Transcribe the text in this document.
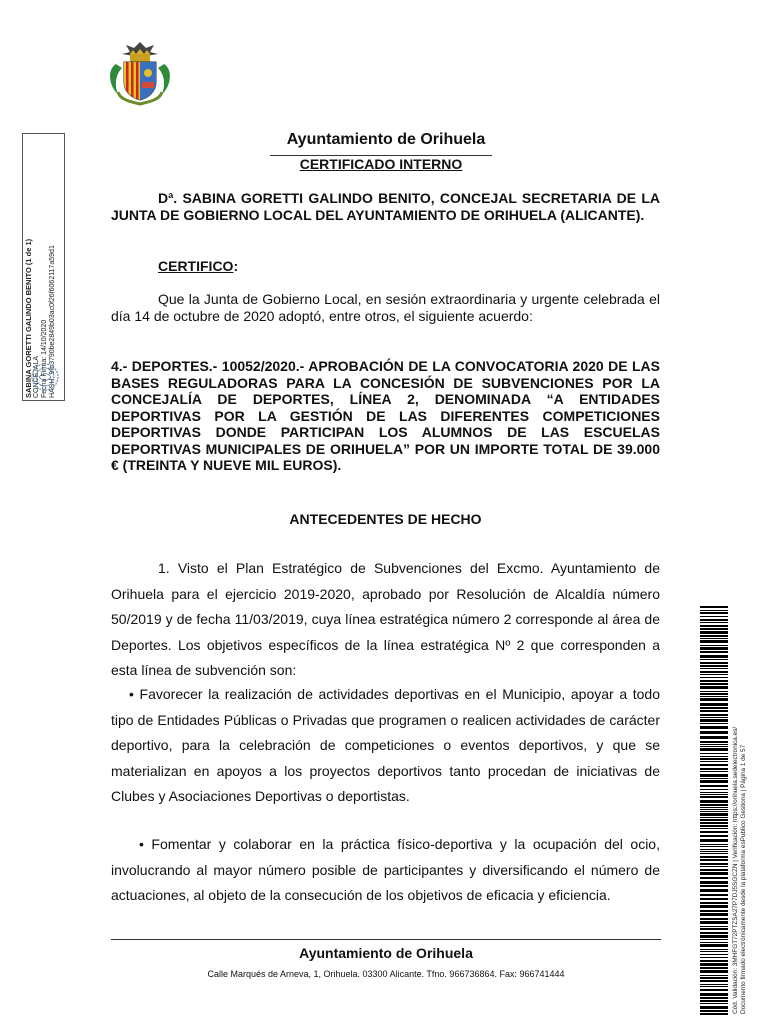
SABINA GORETTI GALINDO BENITO (1 de 1) CONCEJALA Fecha Firma: 14/10/2020 HASH: 9fb3790be2849b03ac0f26f6062117a59d1
Ayuntamiento de Orihuela
CERTIFICADO INTERNO
Dª. SABINA GORETTI GALINDO BENITO, CONCEJAL SECRETARIA DE LA JUNTA DE GOBIERNO LOCAL DEL AYUNTAMIENTO DE ORIHUELA (ALICANTE).
CERTIFICO:
Que la Junta de Gobierno Local, en sesión extraordinaria y urgente celebrada el día 14 de octubre de 2020 adoptó, entre otros, el siguiente acuerdo:
4.- DEPORTES.- 10052/2020.- APROBACIÓN DE LA CONVOCATORIA 2020 DE LAS BASES REGULADORAS PARA LA CONCESIÓN DE SUBVENCIONES POR LA CONCEJALÍA DE DEPORTES, LÍNEA 2, DENOMINADA “A ENTIDADES DEPORTIVAS POR LA GESTIÓN DE LAS DIFERENTES COMPETICIONES DEPORTIVAS DONDE PARTICIPAN LOS ALUMNOS DE LAS ESCUELAS DEPORTIVAS MUNICIPALES DE ORIHUELA” POR UN IMPORTE TOTAL DE 39.000 € (TREINTA Y NUEVE MIL EUROS).
ANTECEDENTES DE HECHO
1. Visto el Plan Estratégico de Subvenciones del Excmo. Ayuntamiento de Orihuela para el ejercicio 2019-2020, aprobado por Resolución de Alcaldía número 50/2019 y de fecha 11/03/2019, cuya línea estratégica número 2 corresponde al área de Deportes. Los objetivos específicos de la línea estratégica Nº 2 que corresponden a esta línea de subvención son:
• Favorecer la realización de actividades deportivas en el Municipio, apoyar a todo tipo de Entidades Públicas o Privadas que programen o realicen actividades de carácter deportivo, para la celebración de competiciones o eventos deportivos, y que se materializan en apoyos a los proyectos deportivos tanto procedan de iniciativas de Clubes y Asociaciones Deportivas o deportistas.
• Fomentar y colaborar en la práctica físico-deportiva y la ocupación del ocio, involucrando al mayor número posible de participantes y diversificando el número de actuaciones, al objeto de la consecución de los objetivos de eficacia y eficiencia.
Ayuntamiento de Orihuela
Calle Marqués de Arneva, 1, Orihuela. 03300 Alicante. Tfno. 966736864. Fax: 966741444	Cód. Validación: 3MHFGT72PTZSA27P7DJ5SGCZN | Verificación: https://orihuela.sedelectronica.es/ Documento firmado electrónicamente desde la plataforma esPublico Gestiona | Página 1 de 57
